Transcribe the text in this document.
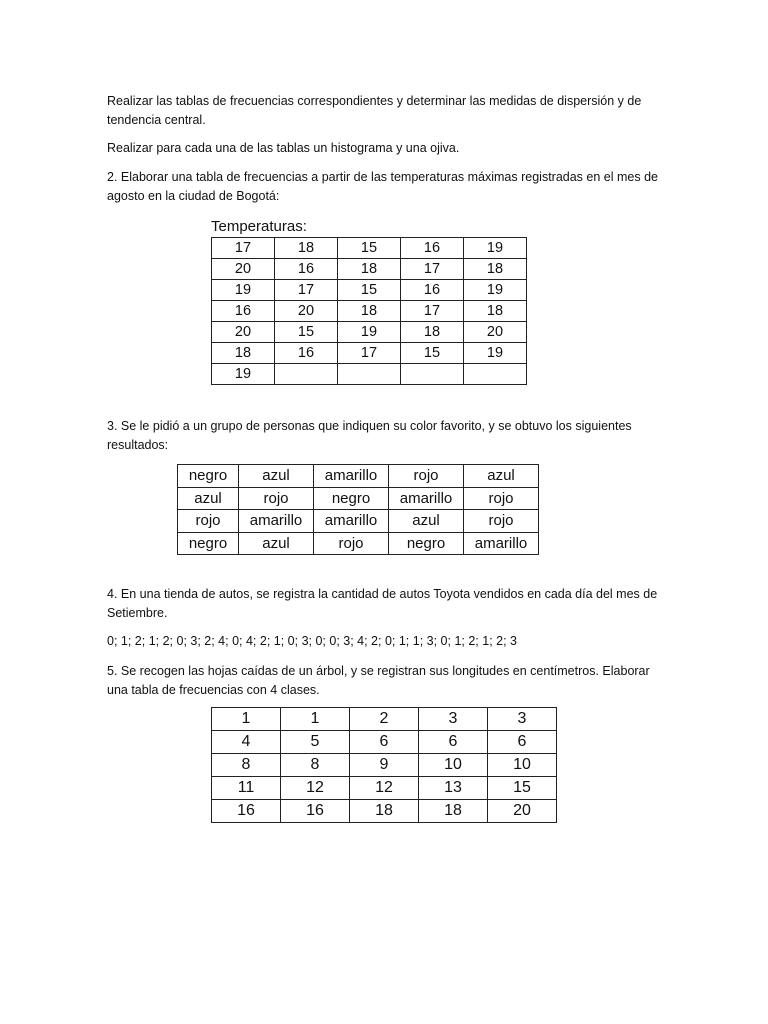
Realizar las tablas de frecuencias correspondientes y determinar las medidas de dispersión y de tendencia central.

Realizar para cada una de las tablas un histograma y una ojiva.

2. Elaborar una tabla de frecuencias a partir de las temperaturas máximas registradas en el mes de agosto en la ciudad de Bogotá:

Temperaturas:

17	18	15	16	19
20	16	18	17	18
19	17	15	16	19
16	20	18	17	18
20	15	19	18	20
18	16	17	15	19
19				

3. Se le pidió a un grupo de personas que indiquen su color favorito, y se obtuvo los siguientes resultados:

negro	azul	amarillo	rojo	azul
azul	rojo	negro	amarillo	rojo
rojo	amarillo	amarillo	azul	rojo
negro	azul	rojo	negro	amarillo

4. En una tienda de autos, se registra la cantidad de autos Toyota vendidos en cada día del mes de Setiembre.

0; 1; 2; 1; 2; 0; 3; 2; 4; 0; 4; 2; 1; 0; 3; 0; 0; 3; 4; 2; 0; 1; 1; 3; 0; 1; 2; 1; 2; 3

5. Se recogen las hojas caídas de un árbol, y se registran sus longitudes en centímetros. Elaborar una tabla de frecuencias con 4 clases.

1	1	2	3	3
4	5	6	6	6
8	8	9	10	10
11	12	12	13	15
16	16	18	18	20
